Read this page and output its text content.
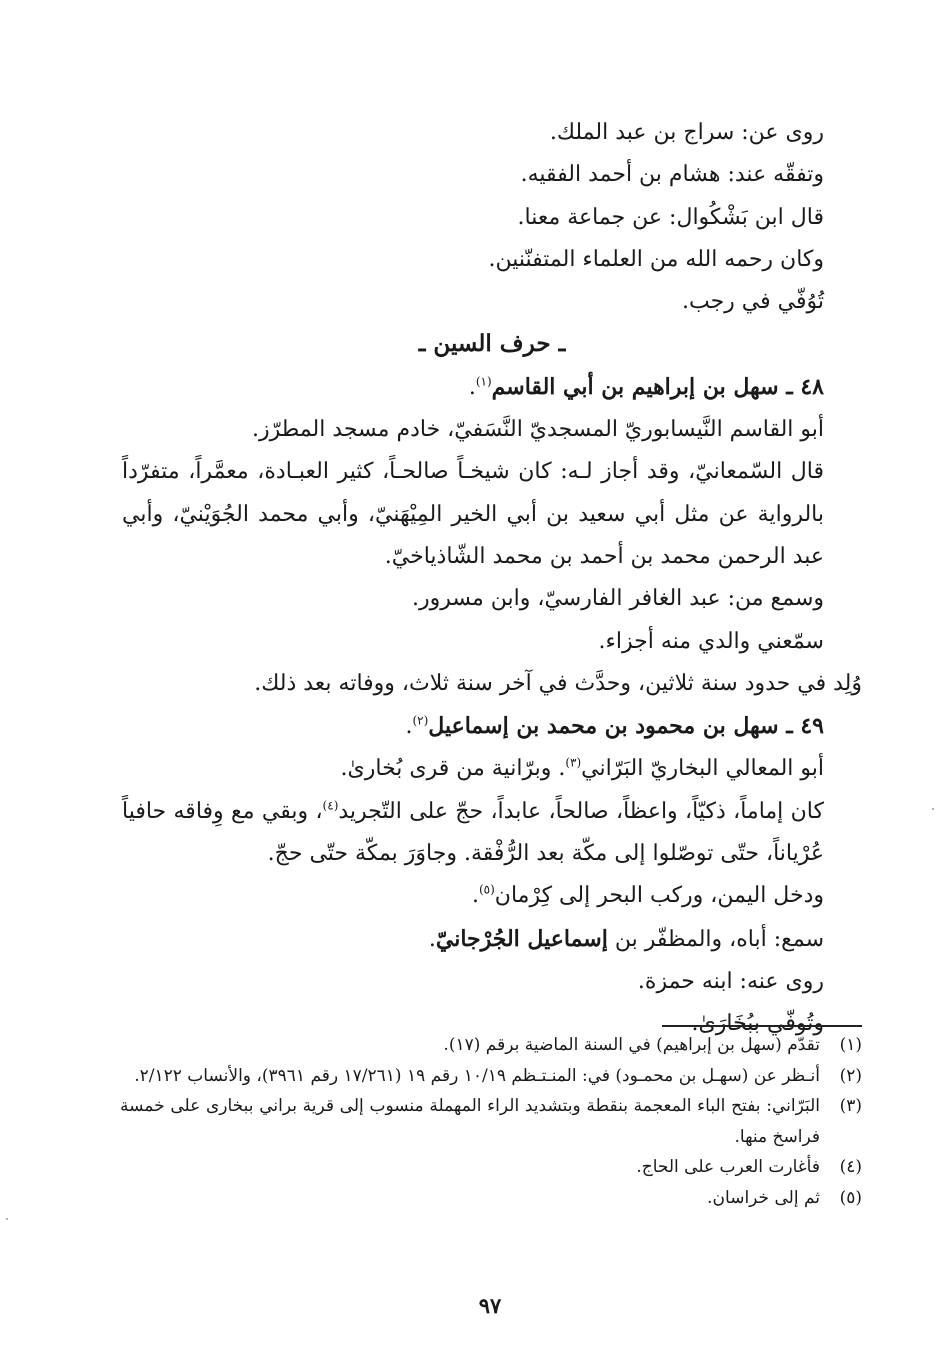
روى عن: سراج بن عبد الملك.

وتفقّه عند: هشام بن أحمد الفقيه.

قال ابن بَشْكُوال: عن جماعة معنا.

وكان رحمه الله من العلماء المتفنّنين.

تُوُفّي في رجب.

ـ حرف السين ـ

٤٨ ـ سهل بن إبراهيم بن أبي القاسم$^{(١)}$.

أبو القاسم النَّيسابوريّ المسجديّ النَّسَفيّ، خادم مسجد المطرّز.

قال السّمعانيّ، وقد أجاز لـه: كان شيخـاً صالحـاً، كثير العبـادة، معمَّراً، متفرّداً بالرواية عن مثل أبي سعيد بن أبي الخير المِيْهَنيّ، وأبي محمد الجُوَيْنيّ، وأبي عبد الرحمن محمد بن أحمد بن محمد الشّاذياخيّ.

وسمع من: عبد الغافر الفارسيّ، وابن مسرور.

سمّعني والدي منه أجزاء.

وُلِد في حدود سنة ثلاثين، وحدَّث في آخر سنة ثلاث، ووفاته بعد ذلك.

٤٩ ـ سهل بن محمود بن محمد بن إسماعيل$^{(٢)}$.

أبو المعالي البخاريّ البَرّاني$^{(٣)}$. وبرّانية من قرى بُخارىٰ.

كان إماماً، ذكيّاً، واعظاً، صالحاً، عابداً، حجّ على التّجريد$^{(٤)}$، وبقي مع وِفاقه حافياً عُرْياناً، حتّى توصّلوا إلى مكّة بعد الرُّفْقة. وجاوَرَ بمكّة حتّى حجّ.

ودخل اليمن، وركب البحر إلى كِرْمان$^{(٥)}$.

سمع: أباه، والمظفّر بن إسماعيل الجُرْجانيّ.

روى عنه: ابنه حمزة.

وتُوفّي ببُخَارَىٰ.

(١)
تقدّم (سهل بن إبراهيم) في السنة الماضية برقم (١٧).
(٢)
أنـظر عن (سهـل بن محمـود) في: المنـتـظم ١٠/١٩ رقم ١٩ (١٧/٢٦١ رقم ٣٩٦١)، والأنساب ٢/١٢٢.
(٣)
البَرّاني: بفتح الباء المعجمة بنقطة وبتشديد الراء المهملة منسوب إلى قرية براني ببخارى على خمسة فراسخ منها.
(٤)
فأغارت العرب على الحاج.
(٥)
ثم إلى خراسان.
٩٧
